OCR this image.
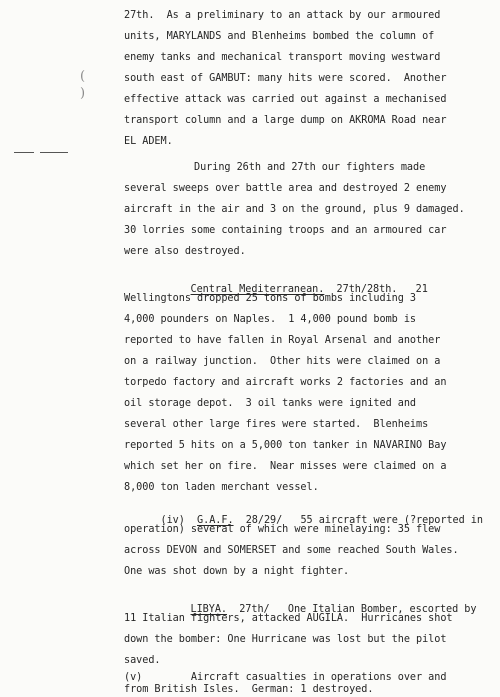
(
)
27th.  As a preliminary to an attack by our armoured
units, MARYLANDS and Blenheims bombed the column of
enemy tanks and mechanical transport moving westward
south east of GAMBUT: many hits were scored.  Another
effective attack was carried out against a mechanised
transport column and a large dump on AKROMA Road near
EL ADEM.
During 26th and 27th our fighters made
several sweeps over battle area and destroyed 2 enemy
aircraft in the air and 3 on the ground, plus 9 damaged.
30 lorries some containing troops and an armoured car
were also destroyed.

Central Mediterranean.  27th/28th.   21

Wellingtons dropped 25 tons of bombs including 3
4,000 pounders on Naples.  1 4,000 pound bomb is
reported to have fallen in Royal Arsenal and another
on a railway junction.  Other hits were claimed on a
torpedo factory and aircraft works 2 factories and an
oil storage depot.  3 oil tanks were ignited and
several other large fires were started.  Blenheims
reported 5 hits on a 5,000 ton tanker in NAVARINO Bay
which set her on fire.  Near misses were claimed on a
8,000 ton laden merchant vessel.

(iv)  G.A.F.  28/29/   55 aircraft were (?reported in

operation) several of which were minelaying: 35 flew
across DEVON and SOMERSET and some reached South Wales.
One was shot down by a night fighter.

LIBYA.  27th/   One Italian Bomber, escorted by

11 Italian fighters, attacked AUGILA.  Hurricanes shot
down the bomber: One Hurricane was lost but the pilot
saved.
(v)        Aircraft casualties in operations over and
from British Isles.  German: 1 destroyed.
